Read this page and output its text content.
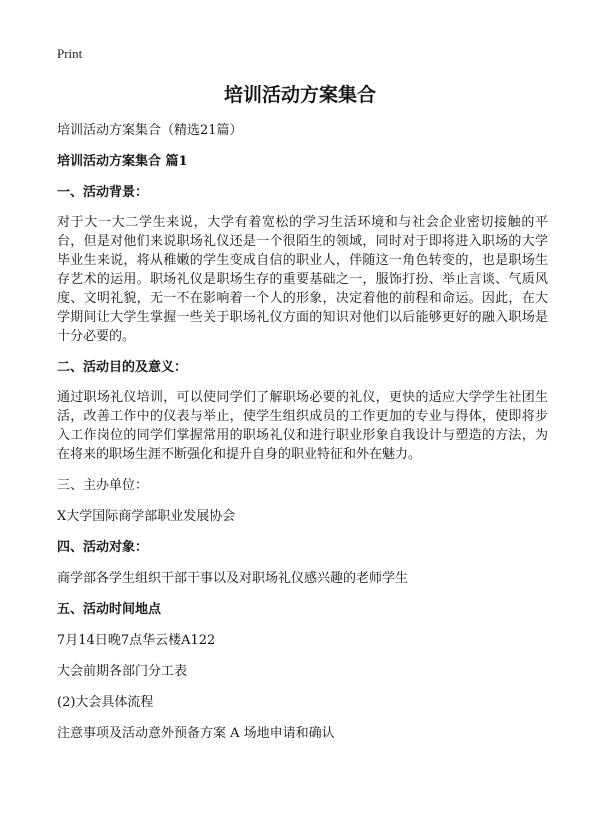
Print
培训活动方案集合

培训活动方案集合（精选21篇）

培训活动方案集合 篇1

一、活动背景：

对于大一大二学生来说，大学有着宽松的学习生活环境和与社会企业密切接触的平台，但是对他们来说职场礼仪还是一个很陌生的领域，同时对于即将进入职场的大学毕业生来说，将从稚嫩的学生变成自信的职业人，伴随这一角色转变的，也是职场生存艺术的运用。职场礼仪是职场生存的重要基础之一，服饰打扮、举止言谈、气质风度、文明礼貌，无一不在影响着一个人的形象，决定着他的前程和命运。因此，在大学期间让大学生掌握一些关于职场礼仪方面的知识对他们以后能够更好的融入职场是十分必要的。

二、活动目的及意义：

通过职场礼仪培训，可以使同学们了解职场必要的礼仪，更快的适应大学学生社团生活，改善工作中的仪表与举止，使学生组织成员的工作更加的专业与得体，使即将步入工作岗位的同学们掌握常用的职场礼仪和进行职业形象自我设计与塑造的方法，为在将来的职场生涯不断强化和提升自身的职业特征和外在魅力。

三、主办单位：

X大学国际商学部职业发展协会

四、活动对象：

商学部各学生组织干部干事以及对职场礼仪感兴趣的老师学生

五、活动时间地点

7月14日晚7点华云楼A122

大会前期各部门分工表

(2)大会具体流程

注意事项及活动意外预备方案 A 场地申请和确认
